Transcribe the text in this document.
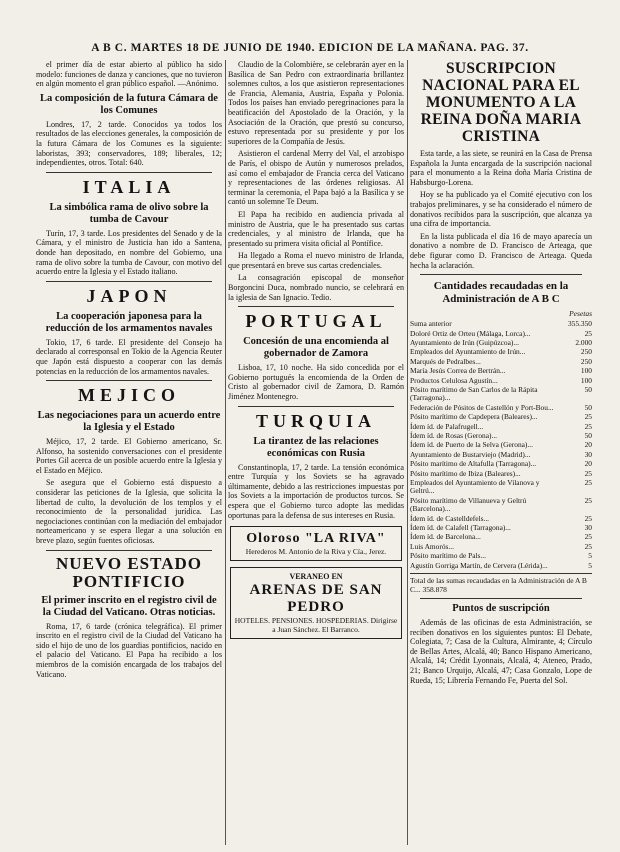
A B C. MARTES 18 DE JUNIO DE 1940. EDICION DE LA MAÑANA. PAG. 37.

el primer día de estar abierto al público ha sido modelo: funciones de danza y canciones, que no tuvieron en algún momento el gran público español. —Anónimo.

La composición de la futura Cámara de los Comunes

Londres, 17, 2 tarde. Conocidos ya todos los resultados de las elecciones generales, la composición de la futura Cámara de los Comunes es la siguiente: laboristas, 393; conservadores, 189; liberales, 12; independientes, otros. Total: 640.

ITALIA
La simbólica rama de olivo sobre la tumba de Cavour

Turín, 17, 3 tarde. Los presidentes del Senado y de la Cámara, y el ministro de Justicia han ido a Santena, donde han depositado, en nombre del Gobierno, una rama de olivo sobre la tumba de Cavour, con motivo del acuerdo entre la Iglesia y el Estado italiano.

JAPON
La cooperación japonesa para la reducción de los armamentos navales

Tokio, 17, 6 tarde. El presidente del Consejo ha declarado al corresponsal en Tokio de la Agencia Reuter que Japón está dispuesto a cooperar con las demás potencias en la reducción de los armamentos navales.

MEJICO
Las negociaciones para un acuerdo entre la Iglesia y el Estado

Méjico, 17, 2 tarde. El Gobierno americano, Sr. Alfonso, ha sostenido conversaciones con el presidente Portes Gil acerca de un posible acuerdo entre la Iglesia y el Estado en Méjico.

Se asegura que el Gobierno está dispuesto a considerar las peticiones de la Iglesia, que solicita la libertad de culto, la devolución de los templos y el reconocimiento de la personalidad jurídica. Las negociaciones continúan con la mediación del embajador norteamericano y se espera llegar a una solución en breve plazo, según fuentes oficiosas.

NUEVO ESTADO PONTIFICIO
El primer inscrito en el registro civil de la Ciudad del Vaticano. Otras noticias.

Roma, 17, 6 tarde (crónica telegráfica). El primer inscrito en el registro civil de la Ciudad del Vaticano ha sido el hijo de uno de los guardias pontificios, nacido en el palacio del Vaticano. El Papa ha recibido a los miembros de la comisión encargada de los trabajos del Vaticano.

Claudio de la Colombière, se celebrarán ayer en la Basílica de San Pedro con extraordinaria brillantez solemnes cultos, a los que asistieron representaciones de Francia, Alemania, Austria, España y Polonia. Todos los países han enviado peregrinaciones para la beatificación del Apostolado de la Oración, y la Asociación de la Oración, que prestó su concurso, estuvo representada por su presidente y por los superiores de la Compañía de Jesús.

Asistieron el cardenal Merry del Val, el arzobispo de París, el obispo de Autún y numerosos prelados, así como el embajador de Francia cerca del Vaticano y representaciones de las órdenes religiosas. Al terminar la ceremonia, el Papa bajó a la Basílica y se cantó un solemne Te Deum.

El Papa ha recibido en audiencia privada al ministro de Austria, que le ha presentado sus cartas credenciales, y al ministro de Irlanda, que ha presentado su primera visita oficial al Pontífice.

Ha llegado a Roma el nuevo ministro de Irlanda, que presentará en breve sus cartas credenciales.

La consagración episcopal de monseñor Borgoncini Duca, nombrado nuncio, se celebrará en la iglesia de San Ignacio. Tedio.

PORTUGAL
Concesión de una encomienda al gobernador de Zamora

Lisboa, 17, 10 noche. Ha sido concedida por el Gobierno portugués la encomienda de la Orden de Cristo al gobernador civil de Zamora, D. Ramón Jiménez Montenegro.

TURQUIA
La tirantez de las relaciones económicas con Rusia

Constantinopla, 17, 2 tarde. La tensión económica entre Turquía y los Soviets se ha agravado últimamente, debido a las restricciones impuestas por los Soviets a la importación de productos turcos. Se espera que el Gobierno turco adopte las medidas oportunas para la defensa de sus intereses en Rusia.

Oloroso "LA RIVA"
Herederos M. Antonio de la Riva y Cía., Jerez.
VERANEO EN
ARENAS DE SAN PEDRO
HOTELES. PENSIONES. HOSPEDERIAS. Dirigirse a Juan Sánchez. El Barranco.
SUSCRIPCION NACIONAL PARA EL MONUMENTO A LA REINA DOÑA MARIA CRISTINA

Esta tarde, a las siete, se reunirá en la Casa de Prensa Española la Junta encargada de la suscripción nacional para el monumento a la Reina doña María Cristina de Habsburgo-Lorena.

Hoy se ha publicado ya el Comité ejecutivo con los trabajos preliminares, y se ha considerado el número de donativos recibidos para la suscripción, que alcanza ya una cifra de importancia.

En la lista publicada el día 16 de mayo aparecía un donativo a nombre de D. Francisco de Arteaga, que debe figurar como D. Francisco de Arteaga. Queda hecha la aclaración.

Cantidades recaudadas en la Administración de A B C
Pesetas
Suma anterior	355.350
Doloré Ortiz de Orteu (Málaga, Lorca)...	25
Ayuntamiento de Irún (Guipúzcoa)...	2.000
Empleados del Ayuntamiento de Irún...	250
Marqués de Pedralbes...	250
María Jesús Correa de Bertrán...	100
Productos Celulosa Agustín...	100
Pósito marítimo de San Carlos de la Rápita (Tarragona)...
50
Federación de Pósitos de Castellón y Port-Bou...	50
Pósito marítimo de Capdepera (Baleares)...	25
Ídem íd. de Palafrugell...	25
Ídem íd. de Rosas (Gerona)...	50
Ídem íd. de Puerto de la Selva (Gerona)...	20
Ayuntamiento de Bustarviejo (Madrid)...	30
Pósito marítimo de Altafulla (Tarragona)...	20
Pósito marítimo de Ibiza (Baleares)...	25
Empleados del Ayuntamiento de Vilanova y Geltrú...
25
Pósito marítimo de Villanueva y Geltrú (Barcelona)...
25
Ídem íd. de Castelldefels...	25
Ídem íd. de Calafell (Tarragona)...	30
Ídem íd. de Barcelona...	25
Luis Amorós...	25
Pósito marítimo de Pals...	5
Agustín Gorriga Martín, de Cervera (Lérida)...	5
Total de las sumas recaudadas en la Administración de A B C... 358.878
Puntos de suscripción

Además de las oficinas de esta Administración, se reciben donativos en los siguientes puntos: El Debate, Colegiata, 7; Casa de la Cultura, Almirante, 4; Círculo de Bellas Artes, Alcalá, 40; Banco Hispano Americano, Alcalá, 14; Crédit Lyonnais, Alcalá, 4; Ateneo, Prado, 21; Banco Urquijo, Alcalá, 47; Casa Gonzalo, Lope de Rueda, 15; Librería Fernando Fe, Puerta del Sol.
